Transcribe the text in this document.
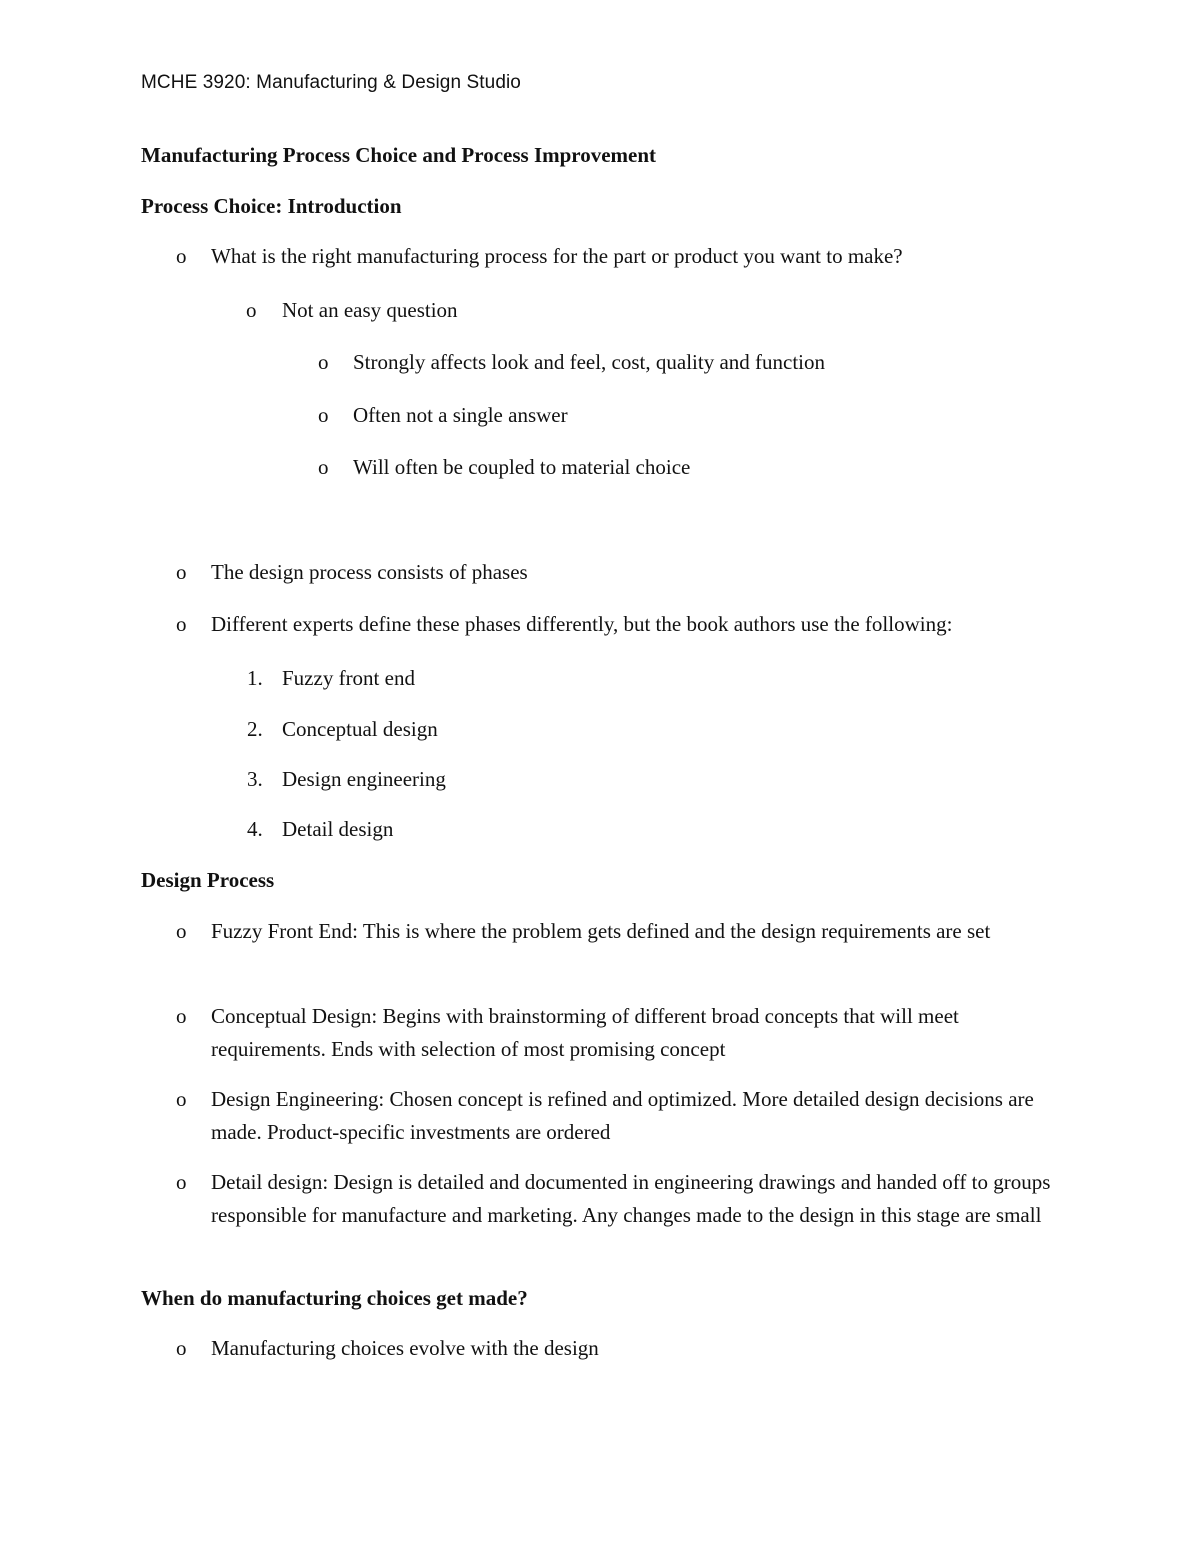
MCHE 3920: Manufacturing & Design Studio
Manufacturing Process Choice and Process Improvement
Process Choice: Introduction
o What is the right manufacturing process for the part or product you want to make?
o Not an easy question
o Strongly affects look and feel, cost, quality and function
o Often not a single answer
o Will often be coupled to material choice
o The design process consists of phases
o Different experts define these phases differently, but the book authors use the following:
1. Fuzzy front end
2. Conceptual design
3. Design engineering
4. Detail design
Design Process
o Fuzzy Front End: This is where the problem gets defined and the design requirements are set
o Conceptual Design: Begins with brainstorming of different broad concepts that will meet requirements. Ends with selection of most promising concept
o Design Engineering: Chosen concept is refined and optimized. More detailed design decisions are made. Product-specific investments are ordered
o Detail design: Design is detailed and documented in engineering drawings and handed off to groups responsible for manufacture and marketing. Any changes made to the design in this stage are small
When do manufacturing choices get made?
o Manufacturing choices evolve with the design
